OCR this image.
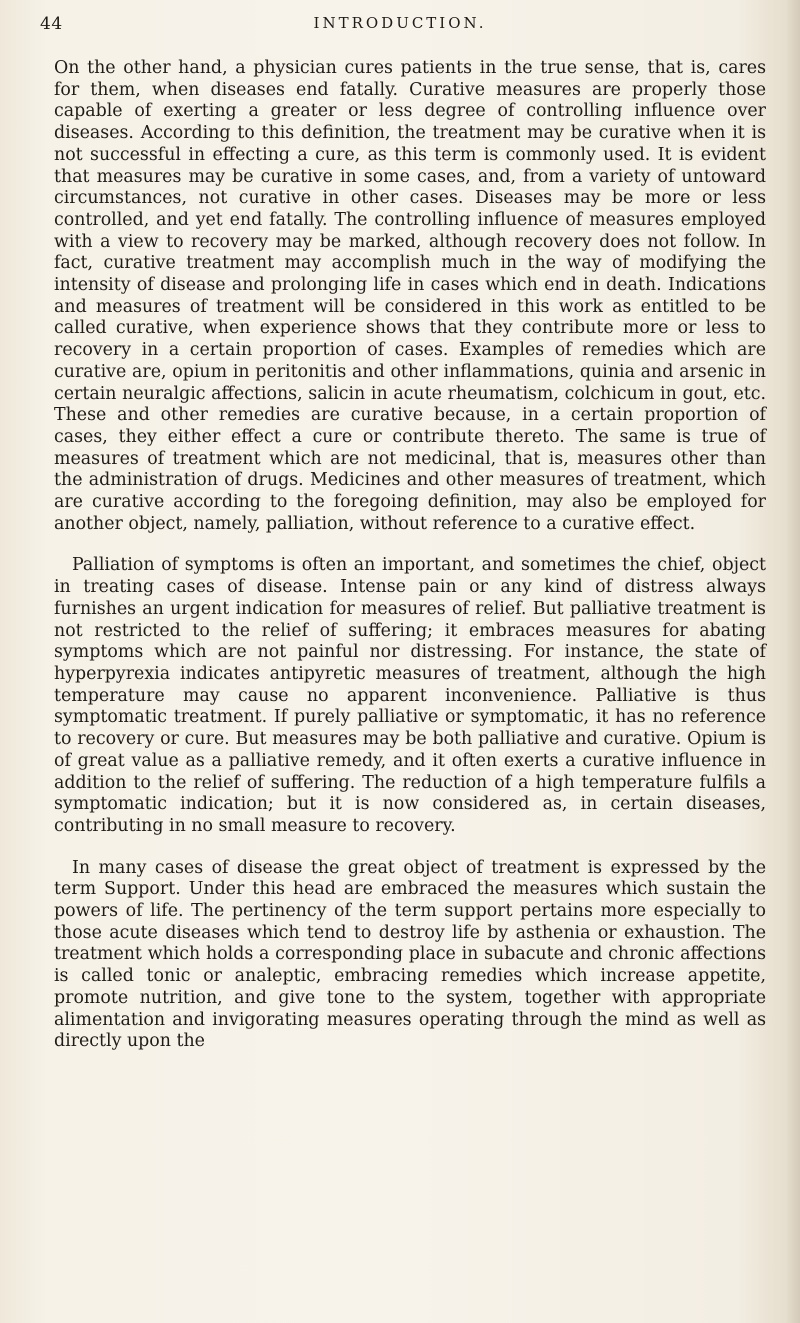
44	INTRODUCTION.

On the other hand, a physician cures patients in the true sense, that is, cares for them, when diseases end fatally. Curative measures are properly those capable of exerting a greater or less degree of controlling influence over diseases. According to this definition, the treatment may be curative when it is not successful in effecting a cure, as this term is commonly used. It is evident that measures may be curative in some cases, and, from a variety of untoward circumstances, not curative in other cases. Diseases may be more or less controlled, and yet end fatally. The controlling influence of measures employed with a view to recovery may be marked, although recovery does not follow. In fact, curative treatment may accomplish much in the way of modifying the intensity of disease and prolonging life in cases which end in death. Indications and measures of treatment will be considered in this work as entitled to be called curative, when experience shows that they contribute more or less to recovery in a certain proportion of cases. Examples of remedies which are curative are, opium in peritonitis and other inflammations, quinia and arsenic in certain neuralgic affections, salicin in acute rheumatism, colchicum in gout, etc. These and other remedies are curative because, in a certain proportion of cases, they either effect a cure or contribute thereto. The same is true of measures of treatment which are not medicinal, that is, measures other than the administration of drugs. Medicines and other measures of treatment, which are curative according to the foregoing definition, may also be employed for another object, namely, palliation, without reference to a curative effect.

Palliation of symptoms is often an important, and sometimes the chief, object in treating cases of disease. Intense pain or any kind of distress always furnishes an urgent indication for measures of relief. But palliative treatment is not restricted to the relief of suffering; it embraces measures for abating symptoms which are not painful nor distressing. For instance, the state of hyperpyrexia indicates antipyretic measures of treatment, although the high temperature may cause no apparent inconvenience. Palliative is thus symptomatic treatment. If purely palliative or symptomatic, it has no reference to recovery or cure. But measures may be both palliative and curative. Opium is of great value as a palliative remedy, and it often exerts a curative influence in addition to the relief of suffering. The reduction of a high temperature fulfils a symptomatic indication; but it is now considered as, in certain diseases, contributing in no small measure to recovery.

In many cases of disease the great object of treatment is expressed by the term Support. Under this head are embraced the measures which sustain the powers of life. The pertinency of the term support pertains more especially to those acute diseases which tend to destroy life by asthenia or exhaustion. The treatment which holds a corresponding place in subacute and chronic affections is called tonic or analeptic, embracing remedies which increase appetite, promote nutrition, and give tone to the system, together with appropriate alimentation and invigorating measures operating through the mind as well as directly upon the
